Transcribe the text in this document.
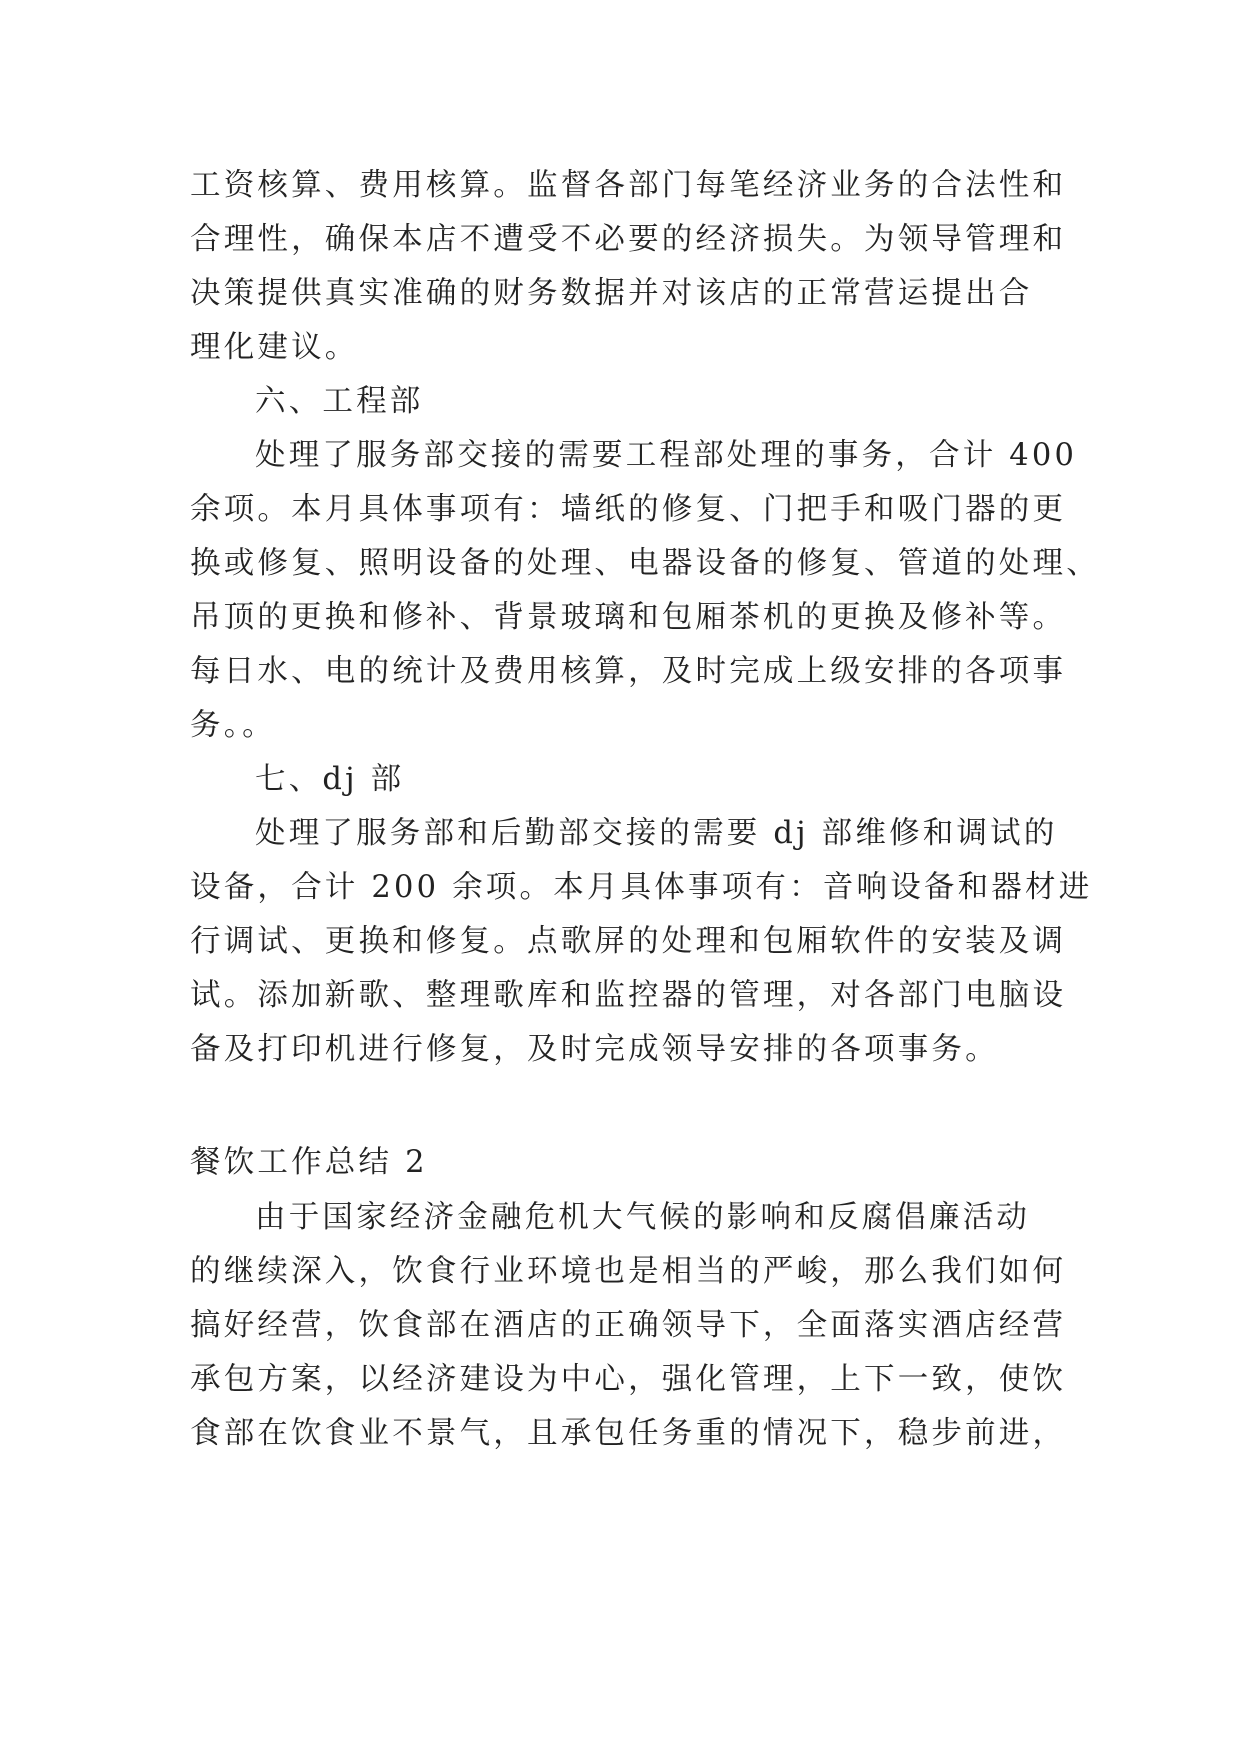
工资核算、费用核算。监督各部门每笔经济业务的合法性和
合理性，确保本店不遭受不必要的经济损失。为领导管理和
决策提供真实准确的财务数据并对该店的正常营运提出合
理化建议。
六、工程部
处理了服务部交接的需要工程部处理的事务，合计 400
余项。本月具体事项有：墙纸的修复、门把手和吸门器的更
换或修复、照明设备的处理、电器设备的修复、管道的处理、
吊顶的更换和修补、背景玻璃和包厢茶机的更换及修补等。
每日水、电的统计及费用核算，及时完成上级安排的各项事
务。。
七、dj 部
处理了服务部和后勤部交接的需要 dj 部维修和调试的
设备，合计 200 余项。本月具体事项有：音响设备和器材进
行调试、更换和修复。点歌屏的处理和包厢软件的安装及调
试。添加新歌、整理歌库和监控器的管理，对各部门电脑设
备及打印机进行修复，及时完成领导安排的各项事务。
餐饮工作总结 2
由于国家经济金融危机大气候的影响和反腐倡廉活动
的继续深入，饮食行业环境也是相当的严峻，那么我们如何
搞好经营，饮食部在酒店的正确领导下，全面落实酒店经营
承包方案，以经济建设为中心，强化管理，上下一致，使饮
食部在饮食业不景气，且承包任务重的情况下，稳步前进，
